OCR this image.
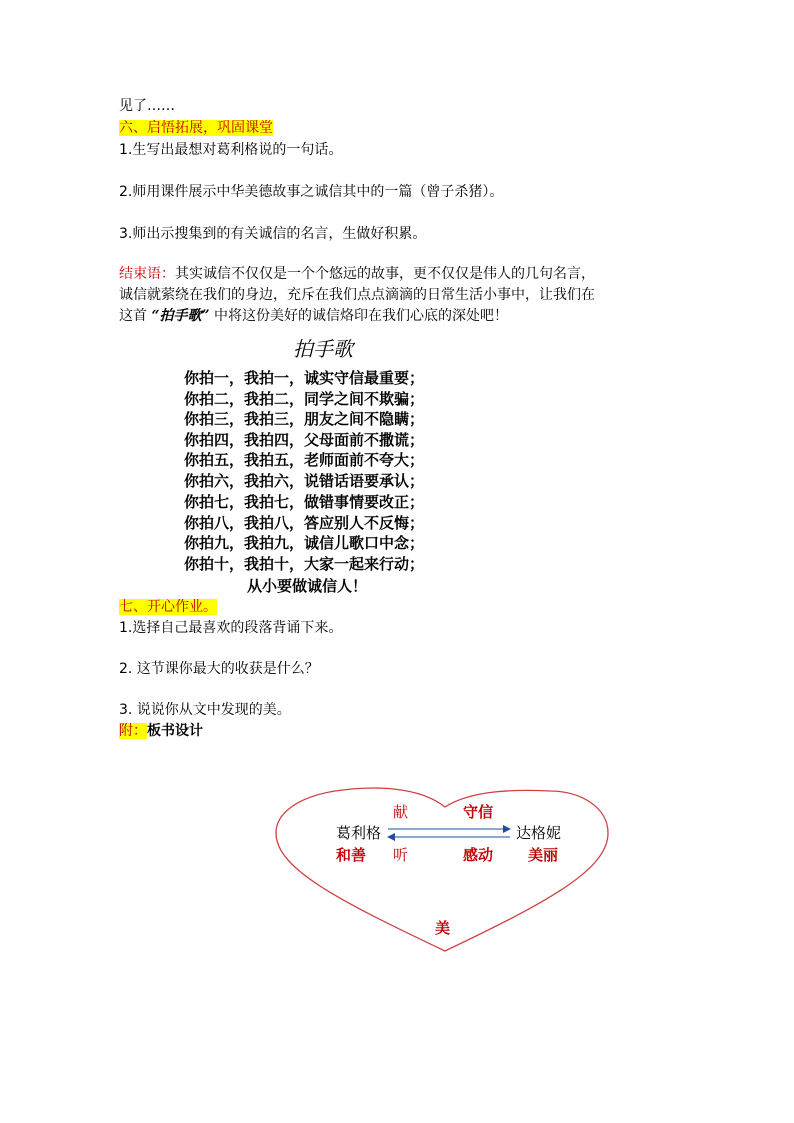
见了……
六、启悟拓展，巩固课堂
1.生写出最想对葛利格说的一句话。
2.师用课件展示中华美德故事之诚信其中的一篇（曾子杀猪）。
3.师出示搜集到的有关诚信的名言，生做好积累。
结束语：其实诚信不仅仅是一个个悠远的故事，更不仅仅是伟人的几句名言，
诚信就萦绕在我们的身边，充斥在我们点点滴滴的日常生活小事中，让我们在
这首 “拍手歌” 中将这份美好的诚信烙印在我们心底的深处吧！
拍手歌
你拍一，我拍一，诚实守信最重要；
你拍二，我拍二，同学之间不欺骗；
你拍三，我拍三，朋友之间不隐瞒；
你拍四，我拍四，父母面前不撒谎；
你拍五，我拍五，老师面前不夸大；
你拍六，我拍六，说错话语要承认；
你拍七，我拍七，做错事情要改正；
你拍八，我拍八，答应别人不反悔；
你拍九，我拍九，诚信儿歌口中念；
你拍十，我拍十，大家一起来行动；
从小要做诚信人！
七、开心作业。
1.选择自己最喜欢的段落背诵下来。
2. 这节课你最大的收获是什么？
3. 说说你从文中发现的美。
附：板书设计
献	守信
葛利格	达格妮
和善 听	感动 美丽
美
